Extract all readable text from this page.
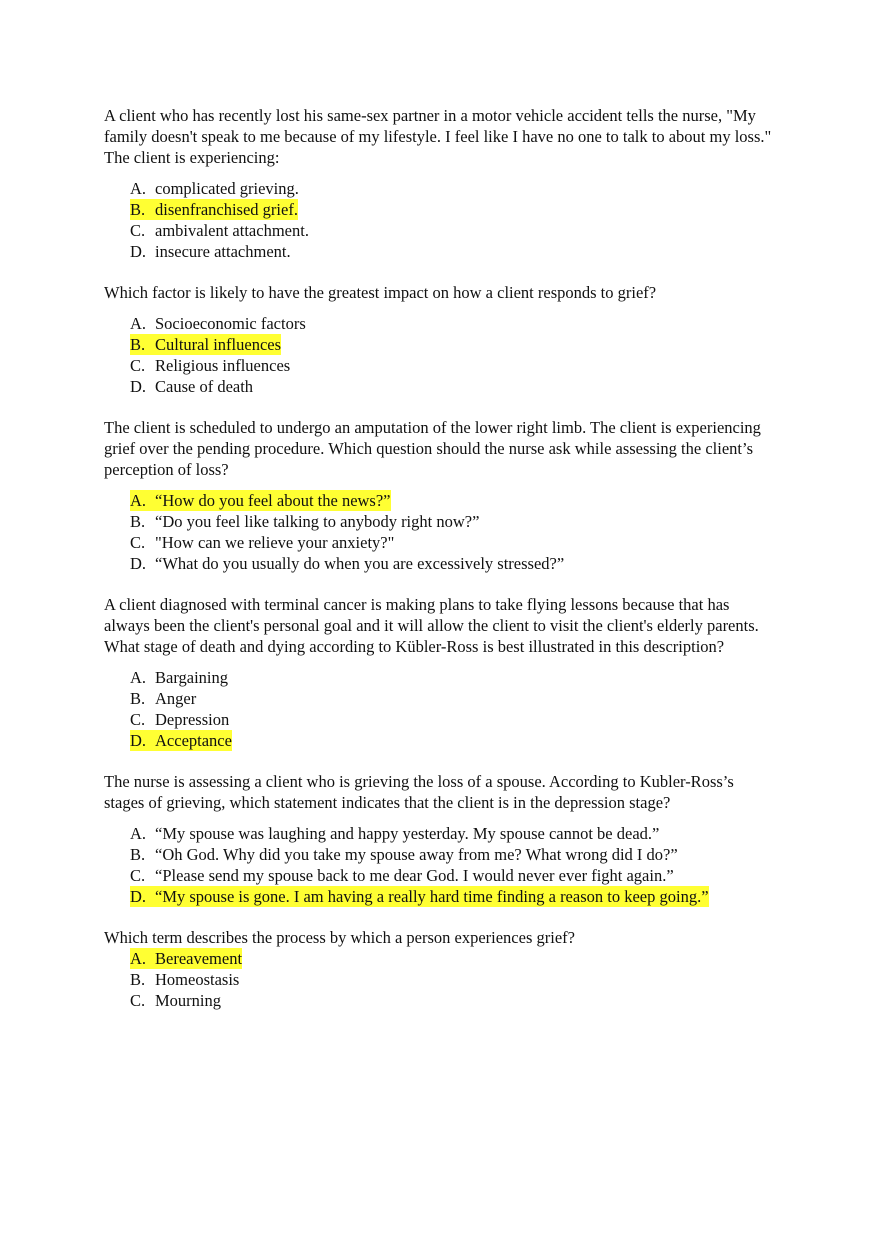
A client who has recently lost his same-sex partner in a motor vehicle accident tells the nurse, "My family doesn't speak to me because of my lifestyle. I feel like I have no one to talk to about my loss." The client is experiencing:

A. complicated grieving.
B. disenfranchised grief.
C. ambivalent attachment.
D. insecure attachment.

Which factor is likely to have the greatest impact on how a client responds to grief?

A. Socioeconomic factors
B. Cultural influences
C. Religious influences
D. Cause of death

The client is scheduled to undergo an amputation of the lower right limb. The client is experiencing grief over the pending procedure. Which question should the nurse ask while assessing the client’s perception of loss?

A. “How do you feel about the news?”
B. “Do you feel like talking to anybody right now?”
C. "How can we relieve your anxiety?"
D. “What do you usually do when you are excessively stressed?”

A client diagnosed with terminal cancer is making plans to take flying lessons because that has always been the client's personal goal and it will allow the client to visit the client's elderly parents. What stage of death and dying according to Kübler-Ross is best illustrated in this description?

A. Bargaining
B. Anger
C. Depression
D. Acceptance

The nurse is assessing a client who is grieving the loss of a spouse. According to Kubler-Ross’s stages of grieving, which statement indicates that the client is in the depression stage?

A. “My spouse was laughing and happy yesterday. My spouse cannot be dead.”
B. “Oh God. Why did you take my spouse away from me? What wrong did I do?”
C. “Please send my spouse back to me dear God. I would never ever fight again.”
D. “My spouse is gone. I am having a really hard time finding a reason to keep going.”

Which term describes the process by which a person experiences grief?

A. Bereavement
B. Homeostasis
C. Mourning
